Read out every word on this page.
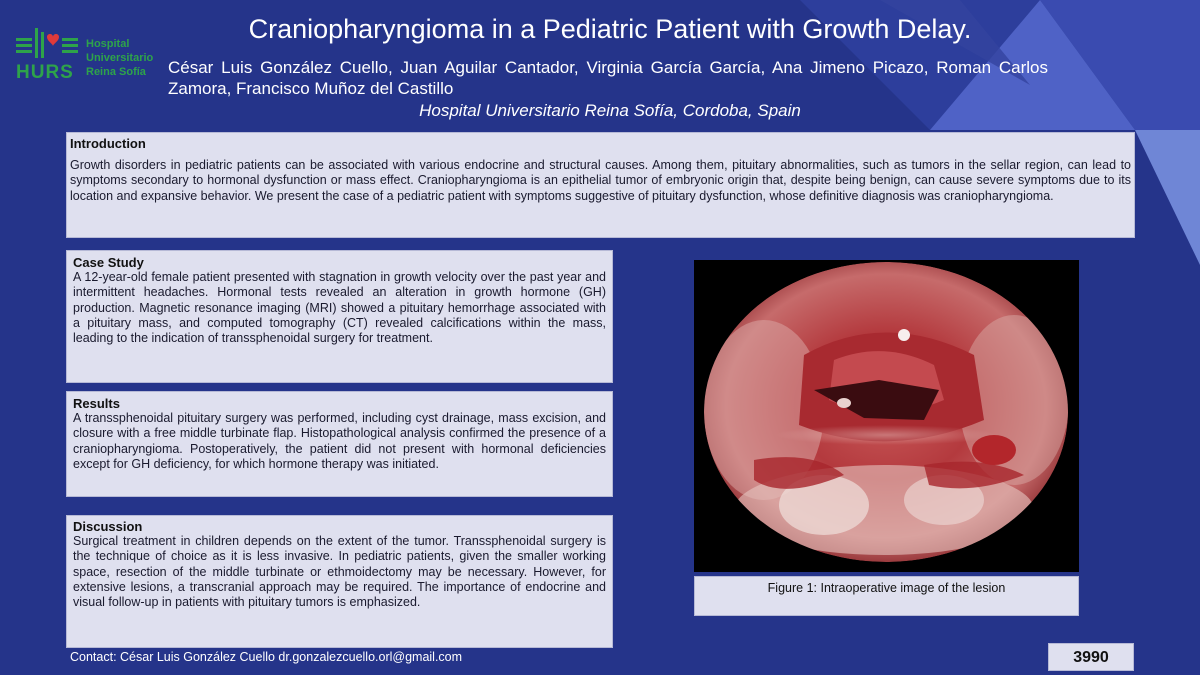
HURS
Hospital
Universitario
Reina Sofía
Craniopharyngioma in a Pediatric Patient with Growth Delay.
César Luis González Cuello, Juan Aguilar Cantador, Virginia García García, Ana Jimeno Picazo, Roman Carlos Zamora, Francisco Muñoz del Castillo
Hospital Universitario Reina Sofía, Cordoba, Spain
Introduction

Growth disorders in pediatric patients can be associated with various endocrine and structural causes. Among them, pituitary abnormalities, such as tumors in the sellar region, can lead to symptoms secondary to hormonal dysfunction or mass effect. Craniopharyngioma is an epithelial tumor of embryonic origin that, despite being benign, can cause severe symptoms due to its location and expansive behavior. We present the case of a pediatric patient with symptoms suggestive of pituitary dysfunction, whose definitive diagnosis was craniopharyngioma.

Case Study

A 12-year-old female patient presented with stagnation in growth velocity over the past year and intermittent headaches. Hormonal tests revealed an alteration in growth hormone (GH) production. Magnetic resonance imaging (MRI) showed a pituitary hemorrhage associated with a pituitary mass, and computed tomography (CT) revealed calcifications within the mass, leading to the indication of transsphenoidal surgery for treatment.

Results

A transsphenoidal pituitary surgery was performed, including cyst drainage, mass excision, and closure with a free middle turbinate flap. Histopathological analysis confirmed the presence of a craniopharyngioma. Postoperatively, the patient did not present with hormonal deficiencies except for GH deficiency, for which hormone therapy was initiated.

Discussion

Surgical treatment in children depends on the extent of the tumor. Transsphenoidal surgery is the technique of choice as it is less invasive. In pediatric patients, given the smaller working space, resection of the middle turbinate or ethmoidectomy may be necessary. However, for extensive lesions, a transcranial approach may be required. The importance of endocrine and visual follow-up in patients with pituitary tumors is emphasized.

Figure 1: Intraoperative image of the lesion
Contact: César Luis González Cuello dr.gonzalezcuello.orl@gmail.com	3990
